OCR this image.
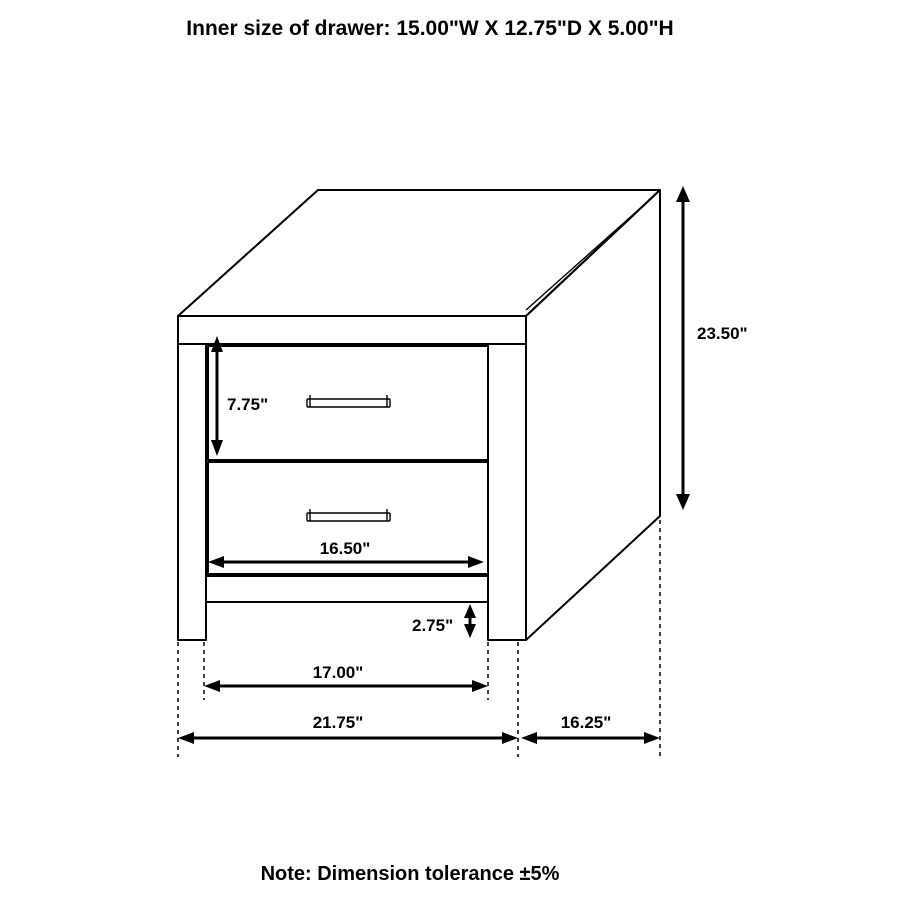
Inner size of drawer: 15.00"W X 12.75"D X 5.00"H
23.50"
7.75"
16.50"
2.75"
17.00"
21.75"	16.25"
Note: Dimension tolerance ±5%
